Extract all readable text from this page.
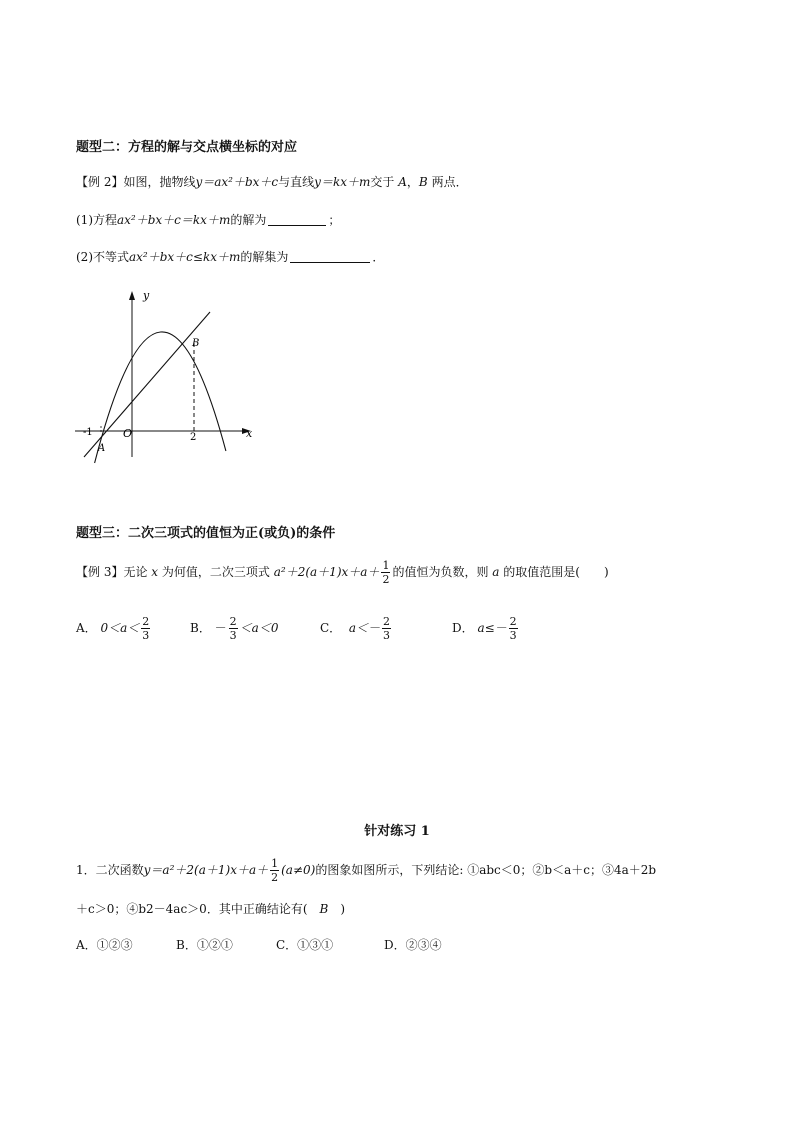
题型二：方程的解与交点横坐标的对应
【例 2】如图，抛物线y＝ax²＋bx＋c与直线y＝kx＋m交于 A，B 两点．
(1)方程ax²＋bx＋c＝kx＋m的解为	；
(2)不等式ax²＋bx＋c≤kx＋m的解集为	．
y
x
O
-1	2
A
B
题型三：二次三项式的值恒为正(或负)的条件
【例 3】无论 x 为何值，二次三项式 $a^2+2(a+1)x+a+ \frac{1}{2}$ 的值恒为负数，则 a 的取值范围是(　　)
A． $0<a< \frac{2}{3}$	B． － $\frac{2}{3} <a<0$	C． $a<- \frac{2}{3}$	D． $a\le- \frac{2}{3}$
针对练习 1
1．二次函数$y=a^2+2(a+1)x+a+ \frac{1}{2} (a\ne 0)$的图象如图所示，下列结论: ①abc＜0；②b＜a＋c；③4a＋2b
＋c＞0；④b2－4ac＞0．其中正确结论有(　B　)
A．①②③	B．①②①	C．①③①	D．②③④
